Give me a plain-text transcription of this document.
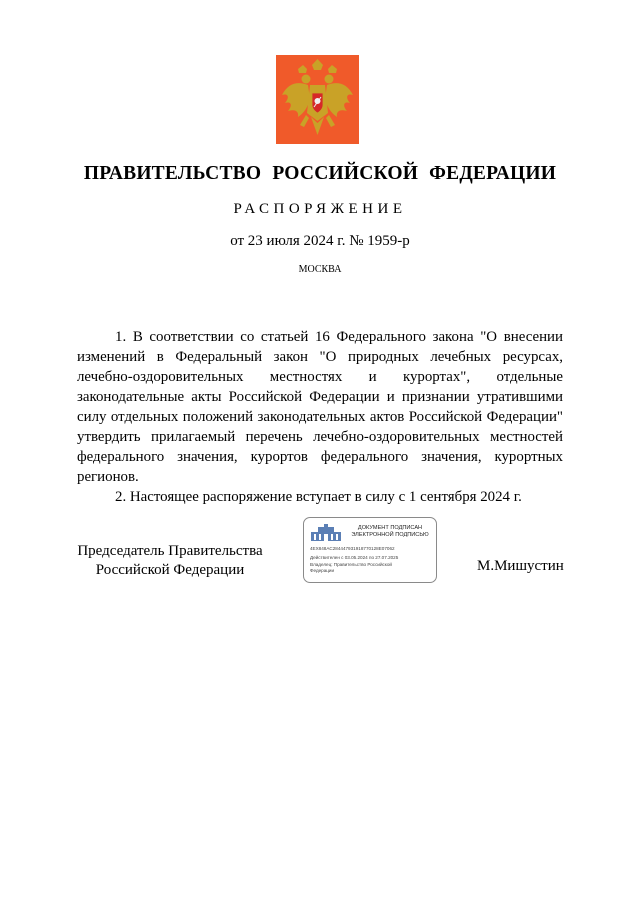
ПРАВИТЕЛЬСТВО РОССИЙСКОЙ ФЕДЕРАЦИИ
РАСПОРЯЖЕНИЕ
от 23 июля 2024 г. № 1959-р
МОСКВА

1. В соответствии со статьей 16 Федерального закона "О внесении изменений в Федеральный закон "О природных лечебных ресурсах, лечебно-оздоровительных местностях и курортах", отдельные законодательные акты Российской Федерации и признании утратившими силу отдельных положений законодательных актов Российской Федерации" утвердить прилагаемый перечень лечебно-оздоровительных местностей федерального значения, курортов федерального значения, курортных регионов.

2. Настоящее распоряжение вступает в силу с 1 сентября 2024 г.

Председатель Правительства
Российской Федерации
ДОКУМЕНТ ПОДПИСАН
ЭЛЕКТРОННОЙ ПОДПИСЬЮ
4EX848AC284447931918770128E07062
Действителен с 03.05.2024 по 27.07.2025
Владелец: Правительство Российской
Федерации	М.Мишустин
